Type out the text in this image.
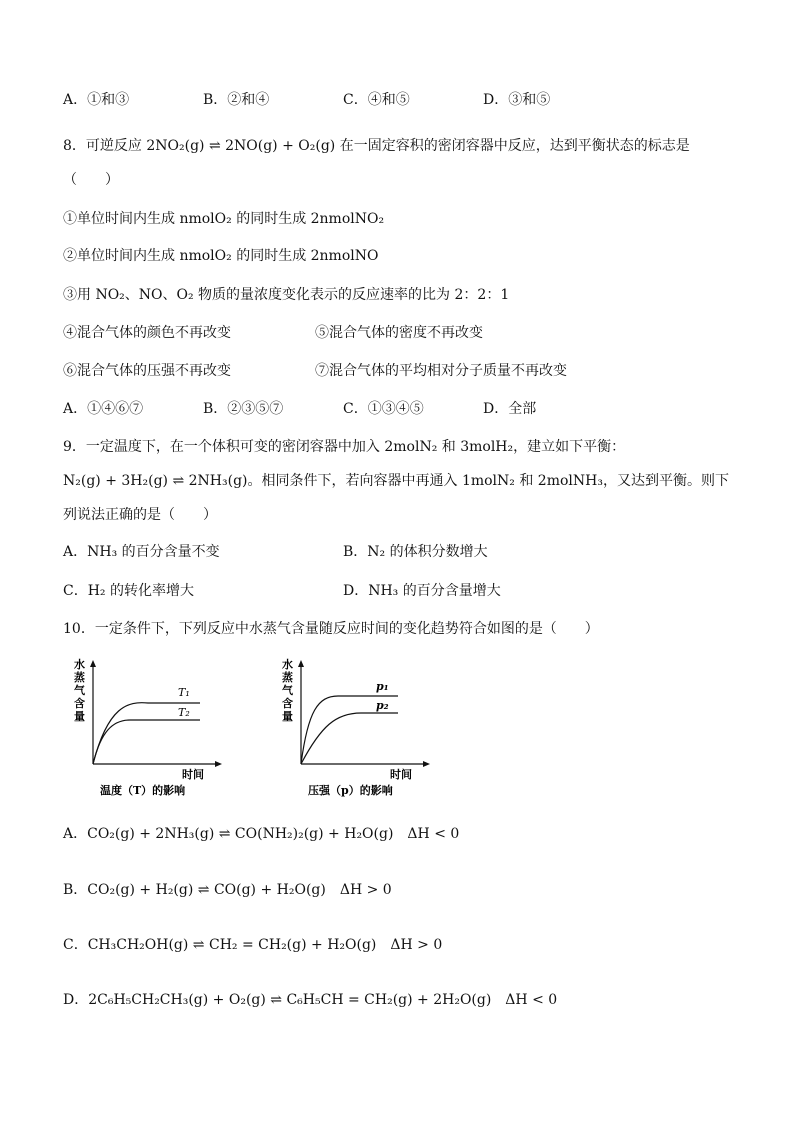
A．①和③	B．②和④	C．④和⑤	D．③和⑤
8．可逆反应 2NO₂(g) ⇌ 2NO(g) + O₂(g) 在一固定容积的密闭容器中反应，达到平衡状态的标志是
（　　）
①单位时间内生成 nmolO₂ 的同时生成 2nmolNO₂
②单位时间内生成 nmolO₂ 的同时生成 2nmolNO
③用 NO₂、NO、O₂ 物质的量浓度变化表示的反应速率的比为 2：2：1
④混合气体的颜色不再改变	⑤混合气体的密度不再改变
⑥混合气体的压强不再改变	⑦混合气体的平均相对分子质量不再改变
A．①④⑥⑦	B．②③⑤⑦	C．①③④⑤	D．全部
9．一定温度下，在一个体积可变的密闭容器中加入 2molN₂ 和 3molH₂，建立如下平衡：
N₂(g) + 3H₂(g) ⇌ 2NH₃(g)。相同条件下，若向容器中再通入 1molN₂ 和 2molNH₃，又达到平衡。则下
列说法正确的是（　　）
A．NH₃ 的百分含量不变	B．N₂ 的体积分数增大
C．H₂ 的转化率增大	D．NH₃ 的百分含量增大
10．一定条件下，下列反应中水蒸气含量随反应时间的变化趋势符合如图的是（　　）
水
蒸
气
含
量
T₁
T₂
时间
温度（T）的影响
水
蒸
气
含
量
p₁
p₂
时间
压强（p）的影响
A．CO₂(g) + 2NH₃(g) ⇌ CO(NH₂)₂(g) + H₂O(g)　ΔH < 0
B．CO₂(g) + H₂(g) ⇌ CO(g) + H₂O(g)　ΔH > 0
C．CH₃CH₂OH(g) ⇌ CH₂ = CH₂(g) + H₂O(g)　ΔH > 0
D．2C₆H₅CH₂CH₃(g) + O₂(g) ⇌ C₆H₅CH = CH₂(g) + 2H₂O(g)　ΔH < 0
